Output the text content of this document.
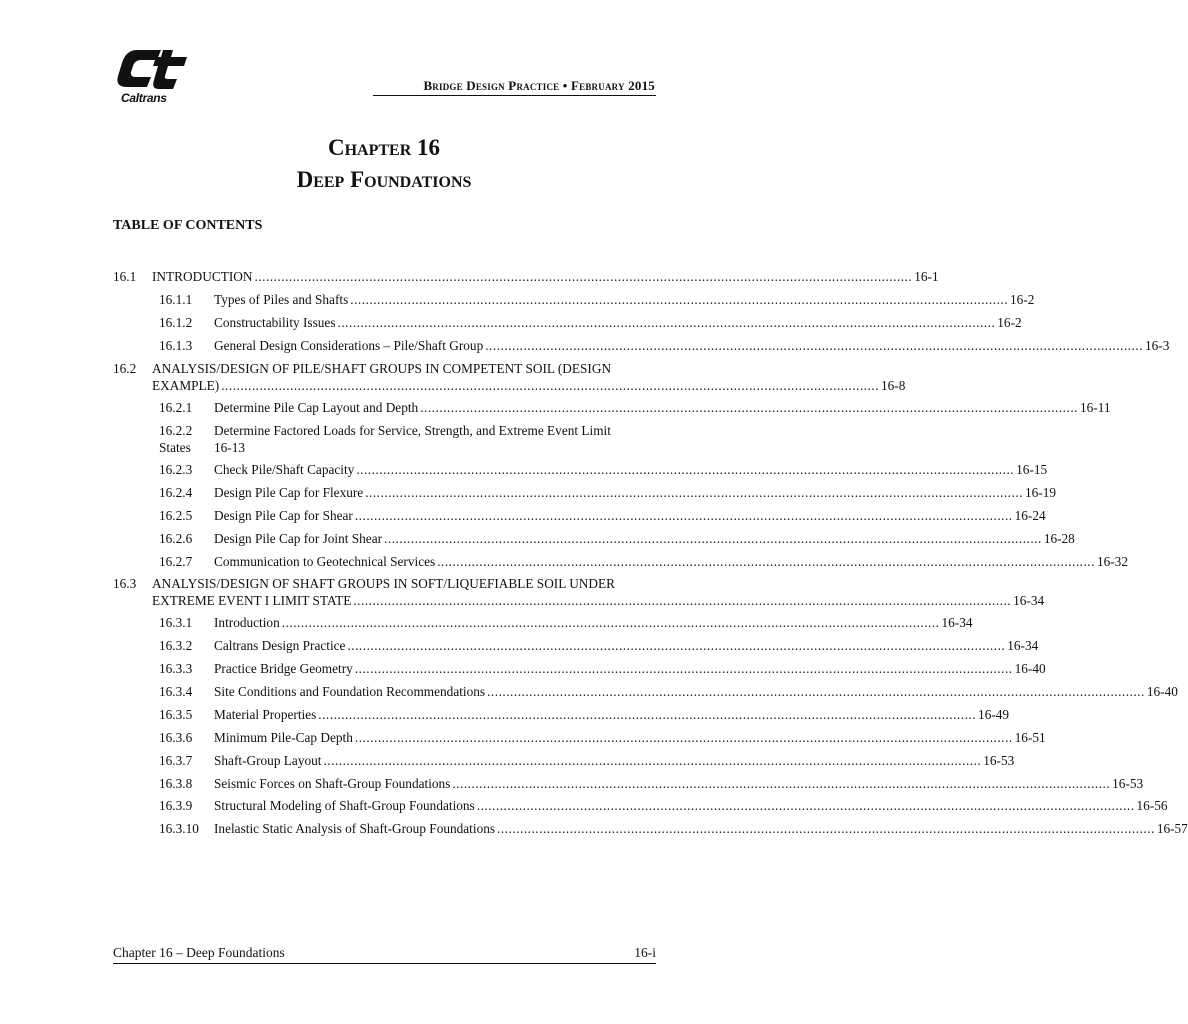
Caltrans
Bridge Design Practice • February 2015
Chapter 16
Deep Foundations
TABLE OF CONTENTS
16.1 INTRODUCTION ............................................................................................................................................................................ 16-1
16.1.1 Types of Piles and Shafts ............................................................................................................................................................................ 16-2
16.1.2 Constructability Issues ............................................................................................................................................................................ 16-2
16.1.3 General Design Considerations – Pile/Shaft Group ............................................................................................................................................................................ 16-3
16.2 ANALYSIS/DESIGN OF PILE/SHAFT GROUPS IN COMPETENT SOIL (DESIGN
EXAMPLE) ............................................................................................................................................................................ 16-8
16.2.1 Determine Pile Cap Layout and Depth ............................................................................................................................................................................ 16-11
16.2.2 Determine Factored Loads for Service, Strength, and Extreme Event Limit
States 16-13
16.2.3 Check Pile/Shaft Capacity ............................................................................................................................................................................ 16-15
16.2.4 Design Pile Cap for Flexure ............................................................................................................................................................................ 16-19
16.2.5 Design Pile Cap for Shear ............................................................................................................................................................................ 16-24
16.2.6 Design Pile Cap for Joint Shear ............................................................................................................................................................................ 16-28
16.2.7 Communication to Geotechnical Services ............................................................................................................................................................................ 16-32
16.3 ANALYSIS/DESIGN OF SHAFT GROUPS IN SOFT/LIQUEFIABLE SOIL UNDER
EXTREME EVENT I LIMIT STATE ............................................................................................................................................................................ 16-34
16.3.1 Introduction ............................................................................................................................................................................ 16-34
16.3.2 Caltrans Design Practice ............................................................................................................................................................................ 16-34
16.3.3 Practice Bridge Geometry ............................................................................................................................................................................ 16-40
16.3.4 Site Conditions and Foundation Recommendations ............................................................................................................................................................................ 16-40
16.3.5 Material Properties ............................................................................................................................................................................ 16-49
16.3.6 Minimum Pile-Cap Depth ............................................................................................................................................................................ 16-51
16.3.7 Shaft-Group Layout ............................................................................................................................................................................ 16-53
16.3.8 Seismic Forces on Shaft-Group Foundations ............................................................................................................................................................................ 16-53
16.3.9 Structural Modeling of Shaft-Group Foundations ............................................................................................................................................................................ 16-56
16.3.10 Inelastic Static Analysis of Shaft-Group Foundations ............................................................................................................................................................................ 16-57
Chapter 16 – Deep Foundations	16-i
